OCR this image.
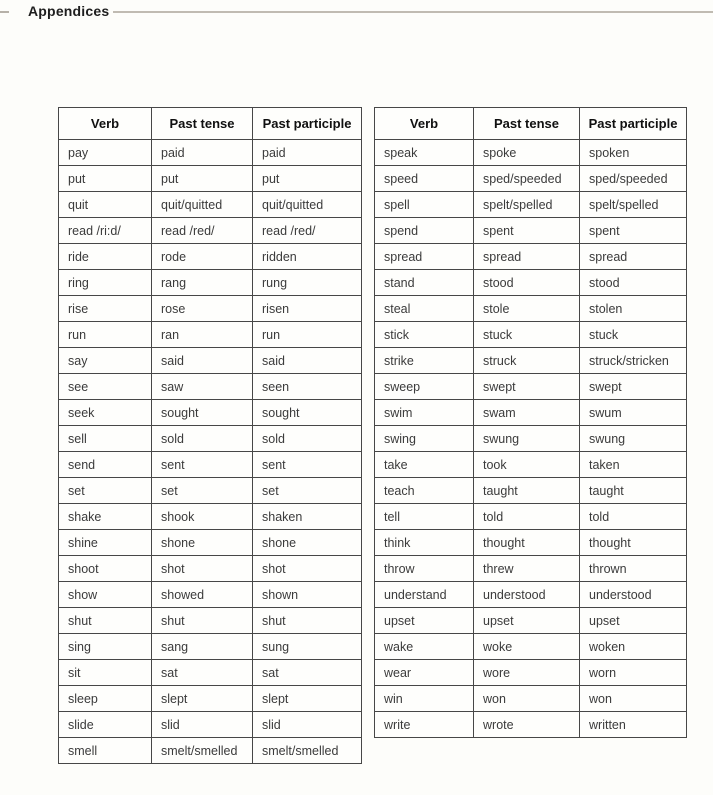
Appendices
Verb	Past tense	Past participle
pay	paid	paid
put	put	put
quit	quit/quitted	quit/quitted
read /ri:d/	read /red/	read /red/
ride	rode	ridden
ring	rang	rung
rise	rose	risen
run	ran	run
say	said	said
see	saw	seen
seek	sought	sought
sell	sold	sold
send	sent	sent
set	set	set
shake	shook	shaken
shine	shone	shone
shoot	shot	shot
show	showed	shown
shut	shut	shut
sing	sang	sung
sit	sat	sat
sleep	slept	slept
slide	slid	slid
smell	smelt/smelled	smelt/smelled
Verb	Past tense	Past participle
speak	spoke	spoken
speed	sped/speeded	sped/speeded
spell	spelt/spelled	spelt/spelled
spend	spent	spent
spread	spread	spread
stand	stood	stood
steal	stole	stolen
stick	stuck	stuck
strike	struck	struck/stricken
sweep	swept	swept
swim	swam	swum
swing	swung	swung
take	took	taken
teach	taught	taught
tell	told	told
think	thought	thought
throw	threw	thrown
understand	understood	understood
upset	upset	upset
wake	woke	woken
wear	wore	worn
win	won	won
write	wrote	written
